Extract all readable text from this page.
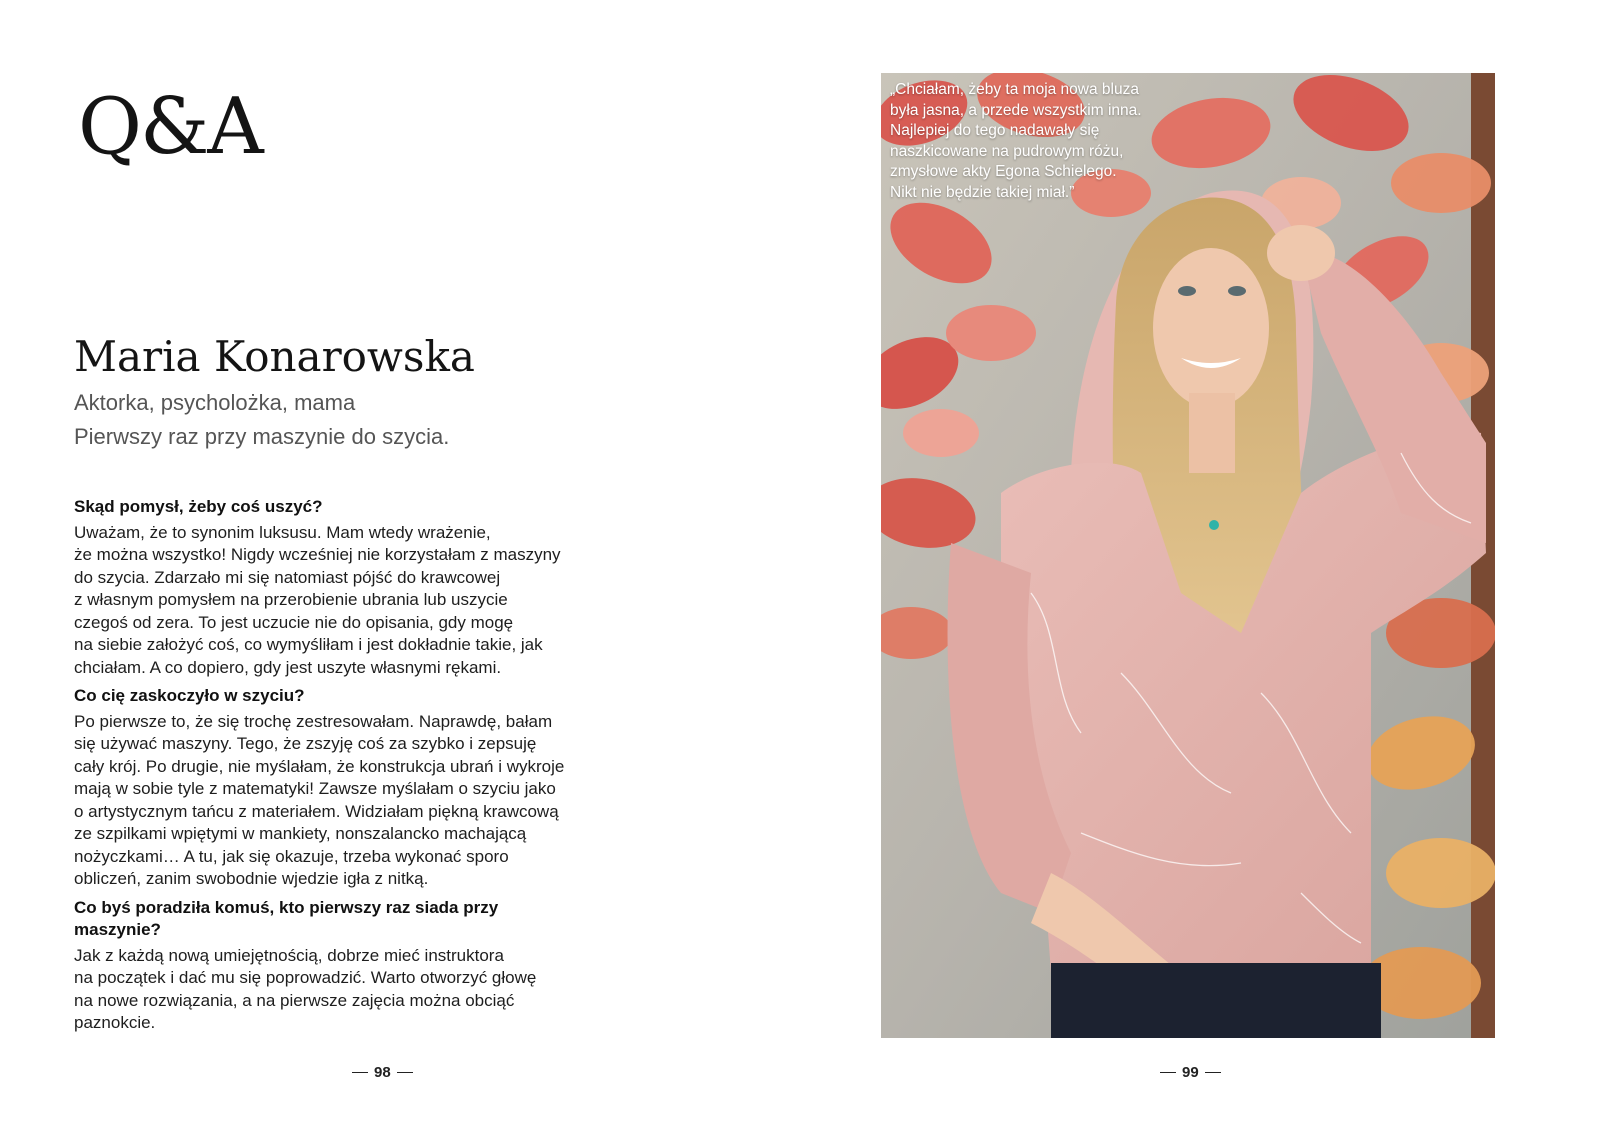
Q&A
Maria Konarowska

Aktorka, psycholożka, mama

Pierwszy raz przy maszynie do szycia.

Skąd pomysł, żeby coś uszyć?

Uważam, że to synonim luksusu. Mam wtedy wrażenie,
że można wszystko! Nigdy wcześniej nie korzystałam z maszyny
do szycia. Zdarzało mi się natomiast pójść do krawcowej
z własnym pomysłem na przerobienie ubrania lub uszycie
czegoś od zera. To jest uczucie nie do opisania, gdy mogę
na siebie założyć coś, co wymyśliłam i jest dokładnie takie, jak
chciałam. A co dopiero, gdy jest uszyte własnymi rękami.

Co cię zaskoczyło w szyciu?

Po pierwsze to, że się trochę zestresowałam. Naprawdę, bałam
się używać maszyny. Tego, że zszyję coś za szybko i zepsuję
cały krój. Po drugie, nie myślałam, że konstrukcja ubrań i wykroje
mają w sobie tyle z matematyki! Zawsze myślałam o szyciu jako
o artystycznym tańcu z materiałem. Widziałam piękną krawcową
ze szpilkami wpiętymi w mankiety, nonszalancko machającą
nożyczkami… A tu, jak się okazuje, trzeba wykonać sporo
obliczeń, zanim swobodnie wjedzie igła z nitką.

Co byś poradziła komuś, kto pierwszy raz siada przy
maszynie?

Jak z każdą nową umiejętnością, dobrze mieć instruktora
na początek i dać mu się poprowadzić. Warto otworzyć głowę
na nowe rozwiązania, a na pierwsze zajęcia można obciąć
paznokcie.

98

„Chciałam, żeby ta moja nowa bluza
była jasna, a przede wszystkim inna.
Najlepiej do tego nadawały się
naszkicowane na pudrowym różu,
zmysłowe akty Egona Schielego.
Nikt nie będzie takiej miał.”

99
